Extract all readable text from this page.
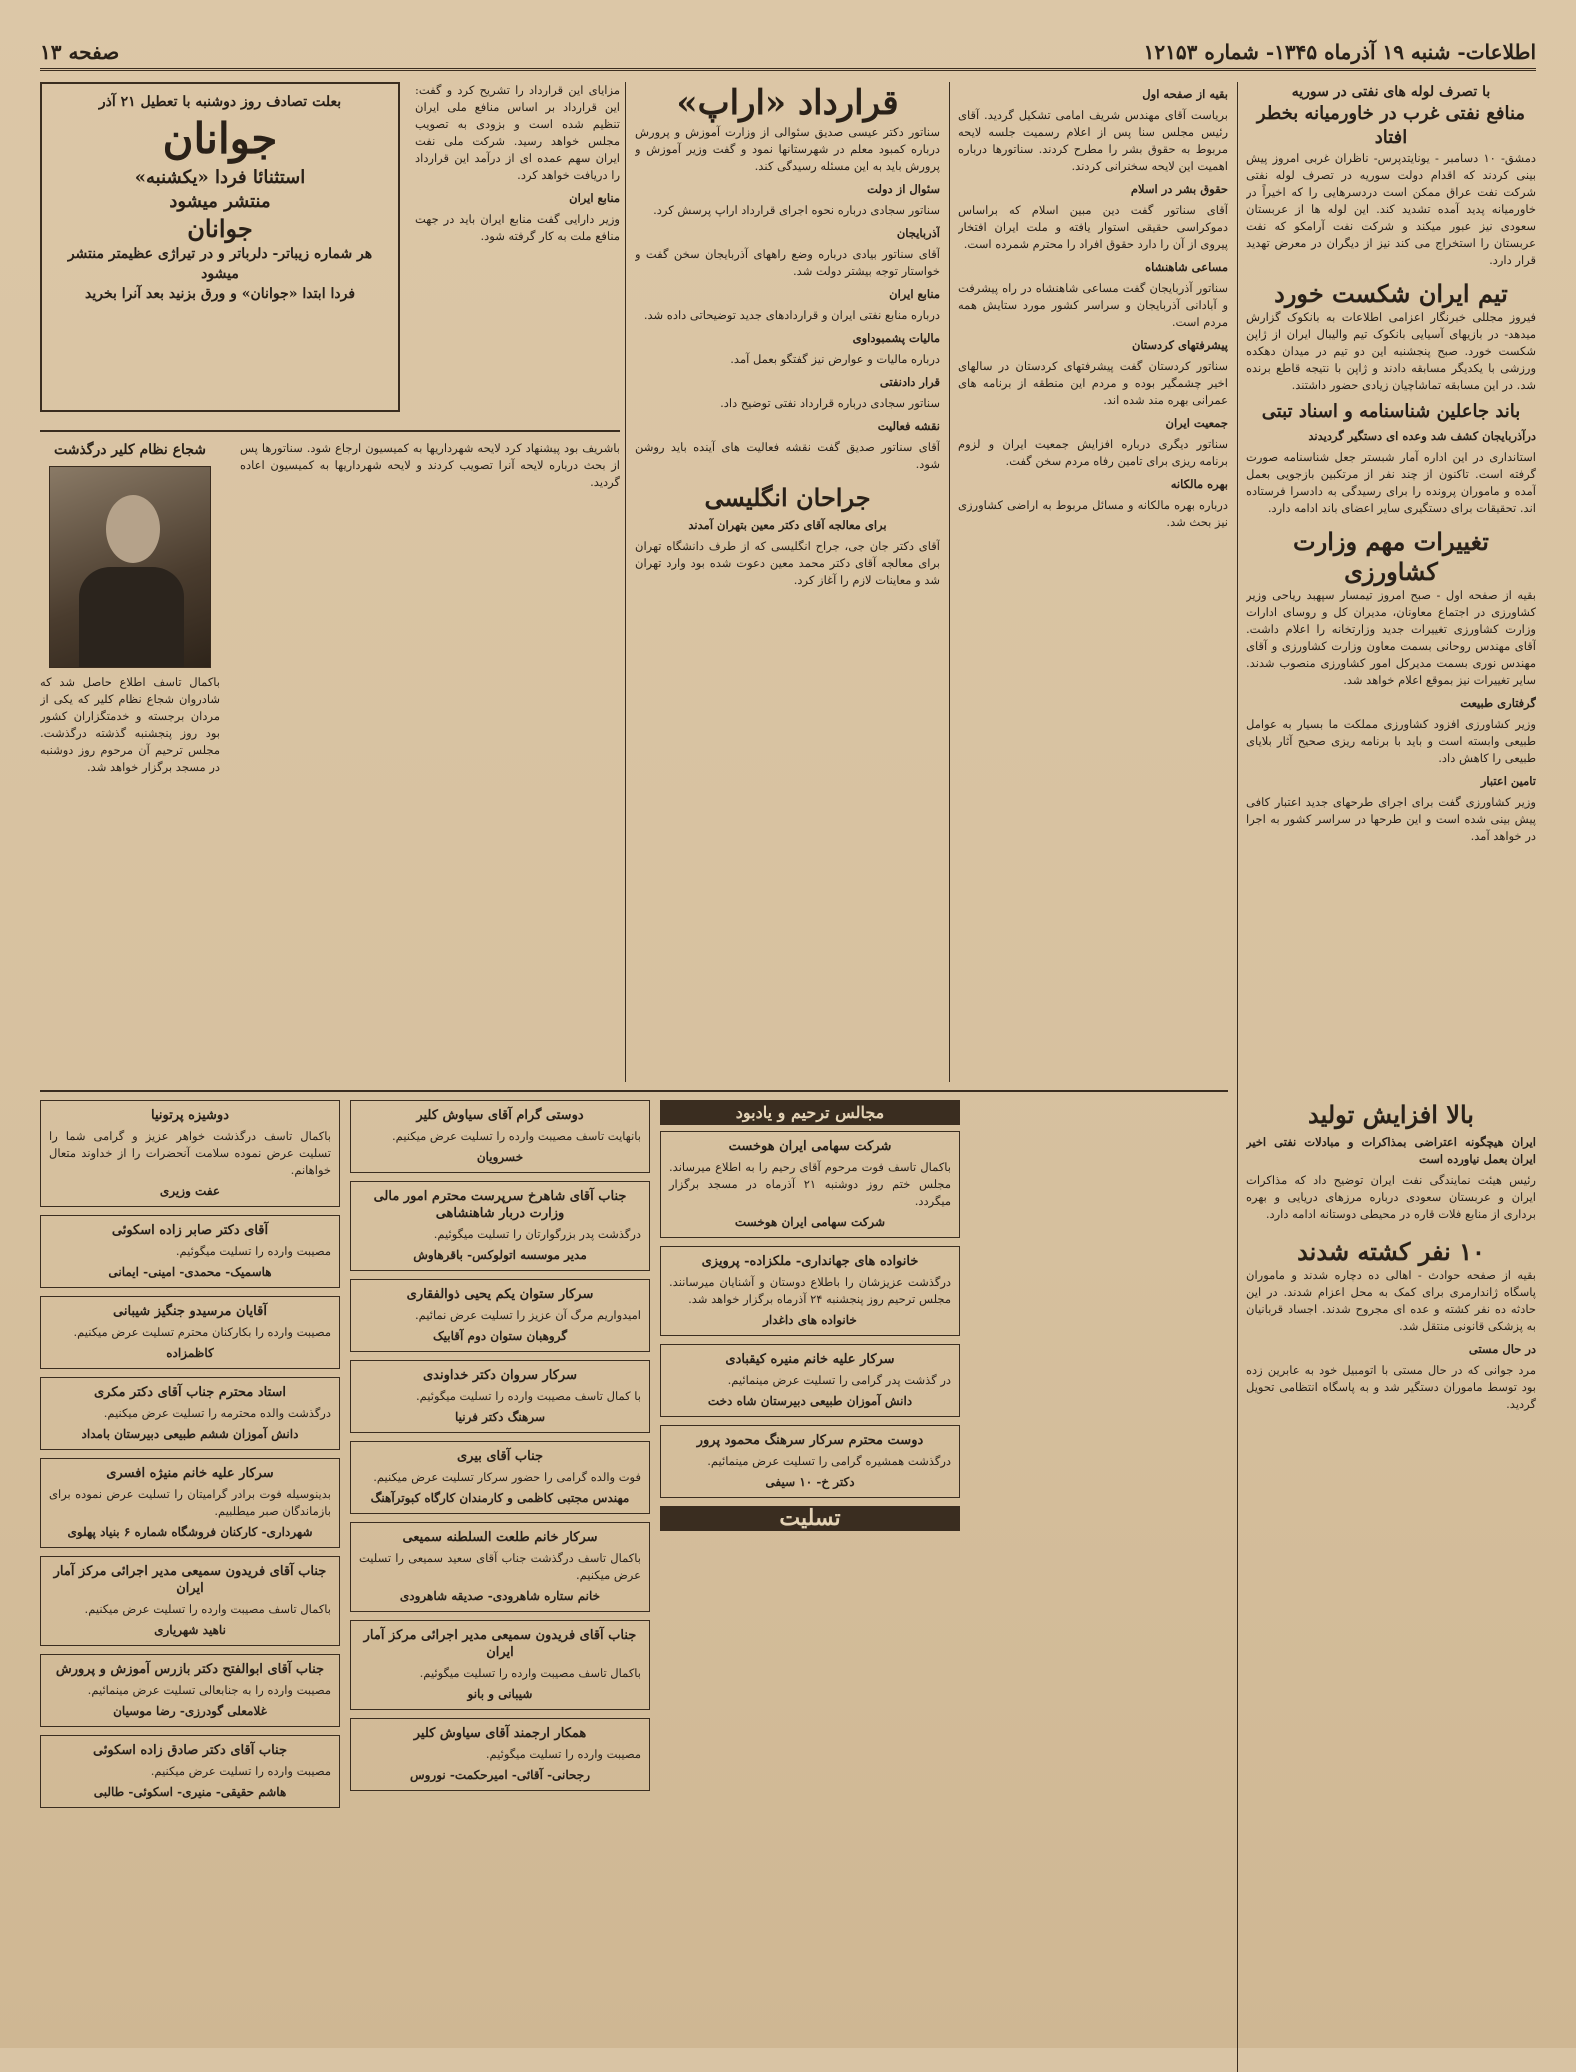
اطلاعات- شنبه ۱۹ آذرماه ۱۳۴۵- شماره ۱۲۱۵۳
صفحه ۱۳
با تصرف لوله های نفتی در سوریه
منافع نفتی غرب در خاورمیانه بخطر افتاد

دمشق- ۱۰ دسامبر - یونایتدپرس- ناظران غربی امروز پیش بینی کردند که اقدام دولت سوریه در تصرف لوله نفتی شرکت نفت عراق ممکن است دردسرهایی را که اخیراً در خاورمیانه پدید آمده تشدید کند. این لوله ها از عربستان سعودی نیز عبور میکند و شرکت نفت آرامکو که نفت عربستان را استخراج می کند نیز از دیگران در معرض تهدید قرار دارد.

تیم ایران شکست خورد

فیروز مجللی خبرنگار اعزامی اطلاعات به بانکوک گزارش میدهد- در بازیهای آسیایی بانکوک تیم والیبال ایران از ژاپن شکست خورد. صبح پنجشنبه این دو تیم در میدان دهکده ورزشی با یکدیگر مسابقه دادند و ژاپن با نتیجه قاطع برنده شد. در این مسابقه تماشاچیان زیادی حضور داشتند.

باند جاعلین شناسنامه و اسناد تبتی
درآذربایجان کشف شد وعده ای دستگیر گردیدند

استانداری در این اداره آمار شبستر جعل شناسنامه صورت گرفته است. تاکنون از چند نفر از مرتکبین بازجویی بعمل آمده و ماموران پرونده را برای رسیدگی به دادسرا فرستاده اند. تحقیقات برای دستگیری سایر اعضای باند ادامه دارد.

تغییرات مهم وزارت کشاورزی

بقیه از صفحه اول - صبح امروز تیمسار سپهبد ریاحی وزیر کشاورزی در اجتماع معاونان، مدیران کل و روسای ادارات وزارت کشاورزی تغییرات جدید وزارتخانه را اعلام داشت. آقای مهندس روحانی بسمت معاون وزارت کشاورزی و آقای مهندس نوری بسمت مدیرکل امور کشاورزی منصوب شدند. سایر تغییرات نیز بموقع اعلام خواهد شد.

گرفتاری طبیعت

وزیر کشاورزی افزود کشاورزی مملکت ما بسیار به عوامل طبیعی وابسته است و باید با برنامه ریزی صحیح آثار بلایای طبیعی را کاهش داد.

تامین اعتبار

وزیر کشاورزی گفت برای اجرای طرحهای جدید اعتبار کافی پیش بینی شده است و این طرحها در سراسر کشور به اجرا در خواهد آمد.

بالا افزایش تولید
ایران هیچگونه اعتراضی بمذاکرات و مبادلات نفتی اخیر ایران بعمل نیاورده است

رئیس هیئت نمایندگی نفت ایران توضیح داد که مذاکرات ایران و عربستان سعودی درباره مرزهای دریایی و بهره برداری از منابع فلات قاره در محیطی دوستانه ادامه دارد.

۱۰ نفر کشته شدند

بقیه از صفحه حوادث - اهالی ده دچاره شدند و ماموران پاسگاه ژاندارمری برای کمک به محل اعزام شدند. در این حادثه ده نفر کشته و عده ای مجروح شدند. اجساد قربانیان به پزشکی قانونی منتقل شد.

در حال مستی

مرد جوانی که در حال مستی با اتومبیل خود به عابرین زده بود توسط ماموران دستگیر شد و به پاسگاه انتظامی تحویل گردید.

بقیه از صفحه اول

بریاست آقای مهندس شریف امامی تشکیل گردید. آقای رئیس مجلس سنا پس از اعلام رسمیت جلسه لایحه مربوط به حقوق بشر را مطرح کردند. سناتورها درباره اهمیت این لایحه سخنرانی کردند.

حقوق بشر در اسلام

آقای سناتور گفت دین مبین اسلام که براساس دموکراسی حقیقی استوار یافته و ملت ایران افتخار پیروی از آن را دارد حقوق افراد را محترم شمرده است.

مساعی شاهنشاه

سناتور آذربایجان گفت مساعی شاهنشاه در راه پیشرفت و آبادانی آذربایجان و سراسر کشور مورد ستایش همه مردم است.

پیشرفتهای کردستان

سناتور کردستان گفت پیشرفتهای کردستان در سالهای اخیر چشمگیر بوده و مردم این منطقه از برنامه های عمرانی بهره مند شده اند.

جمعیت ایران

سناتور دیگری درباره افزایش جمعیت ایران و لزوم برنامه ریزی برای تامین رفاه مردم سخن گفت.

بهره مالکانه

درباره بهره مالکانه و مسائل مربوط به اراضی کشاورزی نیز بحث شد.

قرارداد «اراپ»

سناتور دکتر عیسی صدیق سئوالی از وزارت آموزش و پرورش درباره کمبود معلم در شهرستانها نمود و گفت وزیر آموزش و پرورش باید به این مسئله رسیدگی کند.

سئوال از دولت

سناتور سجادی درباره نحوه اجرای قرارداد اراپ پرسش کرد.

آذربایجان

آقای سناتور بیادی درباره وضع راههای آذربایجان سخن گفت و خواستار توجه بیشتر دولت شد.

منابع ایران

درباره منابع نفتی ایران و قراردادهای جدید توضیحاتی داده شد.

مالیات پشمبوداوی

درباره مالیات و عوارض نیز گفتگو بعمل آمد.

قرار دادنفتی

سناتور سجادی درباره قرارداد نفتی توضیح داد.

نقشه فعالیت

آقای سناتور صدیق گفت نقشه فعالیت های آینده باید روشن شود.

جراحان انگلیسی
برای معالجه آقای دکتر معین بتهران آمدند

آقای دکتر جان جی، جراح انگلیسی که از طرف دانشگاه تهران برای معالجه آقای دکتر محمد معین دعوت شده بود وارد تهران شد و معاینات لازم را آغاز کرد.

بعلت تصادف روز دوشنبه با تعطیل ۲۱ آذر
جوانان
استثنائا فردا «یکشنبه»
منتشر میشود
جوانان
هر شماره زیباتر- دلرباتر و در تیراژی عظیمتر منتشر میشود
فردا ابتدا «جوانان» و ورق بزنید بعد آنرا بخرید

مزایای این قرارداد را تشریح کرد و گفت: این قرارداد بر اساس منافع ملی ایران تنظیم شده است و بزودی به تصویب مجلس خواهد رسید. شرکت ملی نفت ایران سهم عمده ای از درآمد این قرارداد را دریافت خواهد کرد.

منابع ایران

وزیر دارایی گفت منابع ایران باید در جهت منافع ملت به کار گرفته شود.

شجاع نظام کلیر درگذشت

باکمال تاسف اطلاع حاصل شد که شادروان شجاع نظام کلیر که یکی از مردان برجسته و خدمتگزاران کشور بود روز پنجشنبه گذشته درگذشت. مجلس ترحیم آن مرحوم روز دوشنبه در مسجد برگزار خواهد شد.

باشریف بود پیشنهاد کرد لایحه شهرداریها به کمیسیون ارجاع شود. سناتورها پس از بحث درباره لایحه آنرا تصویب کردند و لایحه شهرداریها به کمیسیون اعاده گردید.

دوشیزه پرتونیا
باکمال تاسف درگذشت خواهر عزیز و گرامی شما را تسلیت عرض نموده سلامت آنحضرات را از خداوند متعال خواهانم.
عفت وزیری
آقای دکتر صابر زاده اسکوئی
مصیبت وارده را تسلیت میگوئیم.
هاسمیک- محمدی- امینی- ایمانی
آقایان مرسیدو جنگیز شیبانی
مصیبت وارده را بکارکنان محترم تسلیت عرض میکنیم.
کاظمزاده
استاد محترم جناب آقای دکتر مکری
درگذشت والده محترمه را تسلیت عرض میکنیم.
دانش آموزان ششم طبیعی دبیرستان بامداد
سرکار علیه خانم منیژه افسری
بدینوسیله فوت برادر گرامیتان را تسلیت عرض نموده برای بازماندگان صبر میطلبیم.
شهرداری- کارکنان فروشگاه شماره ۶ بنیاد پهلوی
جناب آقای فریدون سمیعی مدیر اجرائی مرکز آمار ایران
باکمال تاسف مصیبت وارده را تسلیت عرض میکنیم.
ناهید شهریاری
جناب آقای ابوالفتح دکتر بازرس آموزش و پرورش
مصیبت وارده را به جنابعالی تسلیت عرض مینمائیم.
غلامعلی گودرزی- رضا موسیان
جناب آقای دکتر صادق زاده اسکوئی
مصیبت وارده را تسلیت عرض میکنیم.
هاشم حقیقی- منیری- اسکوئی- طالبی
دوستی گرام آقای سیاوش کلیر
بانهایت تاسف مصیبت وارده را تسلیت عرض میکنیم.
خسرویان
جناب آقای شاهرخ سرپرست محترم امور مالی وزارت دربار شاهنشاهی
درگذشت پدر بزرگوارتان را تسلیت میگوئیم.
مدیر موسسه اتولوکس- باقرهاوش
سرکار ستوان یکم یحیی ذوالفقاری
امیدواریم مرگ آن عزیز را تسلیت عرض نمائیم.
گروهبان ستوان دوم آقابیک
سرکار سروان دکتر خداوندی
با کمال تاسف مصیبت وارده را تسلیت میگوئیم.
سرهنگ دکتر فرنیا
جناب آقای بیری
فوت والده گرامی را حضور سرکار تسلیت عرض میکنیم.
مهندس مجتبی کاظمی و کارمندان کارگاه کبوترآهنگ
سرکار خانم طلعت السلطنه سمیعی
باکمال تاسف درگذشت جناب آقای سعید سمیعی را تسلیت عرض میکنیم.
خانم ستاره شاهرودی- صدیقه شاهرودی
جناب آقای فریدون سمیعی مدیر اجرائی مرکز آمار ایران
باکمال تاسف مصیبت وارده را تسلیت میگوئیم.
شیبانی و بانو
همکار ارجمند آقای سیاوش کلیر
مصیبت وارده را تسلیت میگوئیم.
رجحانی- آقائی- امیرحکمت- نوروس
مجالس ترحیم و یادبود
شرکت سهامی ایران هوخست
باکمال تاسف فوت مرحوم آقای رحیم را به اطلاع میرساند. مجلس ختم روز دوشنبه ۲۱ آذرماه در مسجد برگزار میگردد.
شرکت سهامی ایران هوخست
خانواده های جهانداری- ملکزاده- پرویزی
درگذشت عزیزشان را باطلاع دوستان و آشنایان میرسانند. مجلس ترحیم روز پنجشنبه ۲۴ آذرماه برگزار خواهد شد.
خانواده های داغدار
سرکار علیه خانم منیره کیقبادی
در گذشت پدر گرامی را تسلیت عرض مینمائیم.
دانش آموزان طبیعی دبیرستان شاه دخت
دوست محترم سرکار سرهنگ محمود پرور
درگذشت همشیره گرامی را تسلیت عرض مینمائیم.
دکتر خ- ۱۰ سیفی
تسلیت
